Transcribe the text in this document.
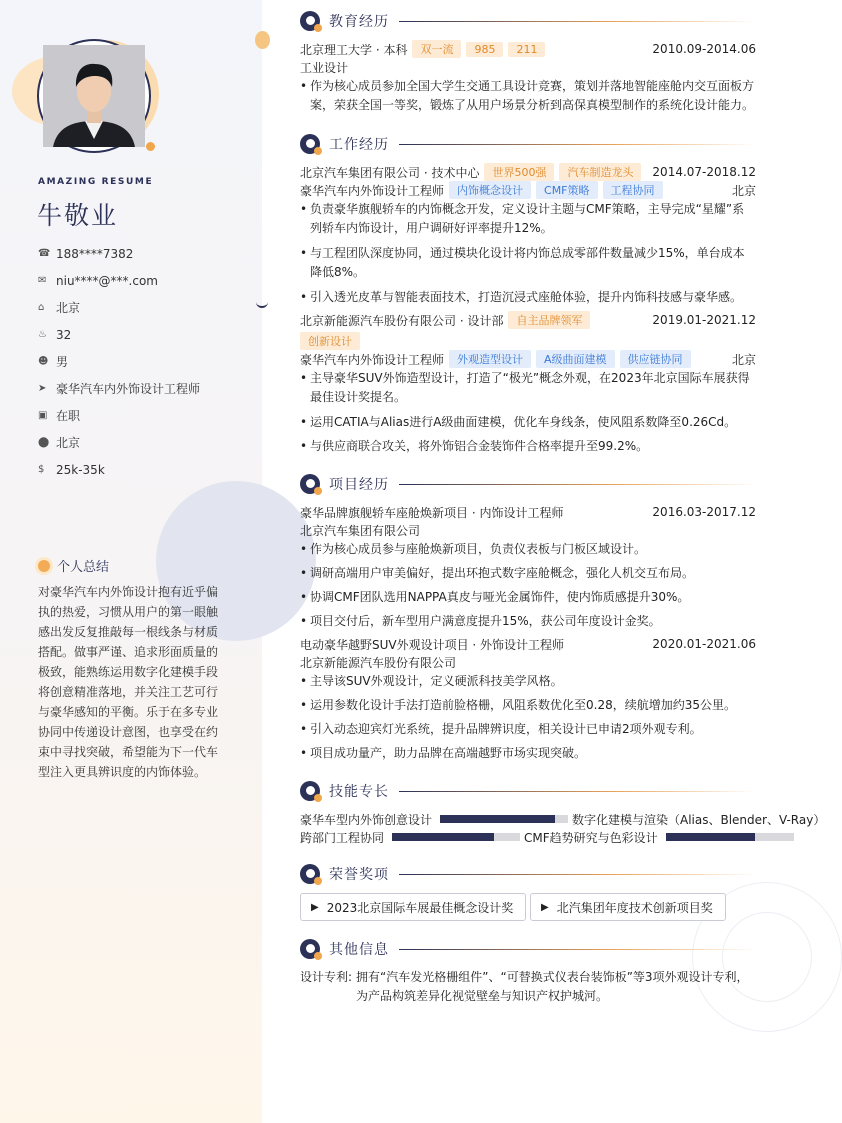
AMAZING RESUME
牛敬业
☎ 188****7382
✉ niu****@***.com
⌂ 北京
♨ 32
☻ 男
➤ 豪华汽车内外饰设计工程师
▣ 在职
⬤ 北京
$ 25k-35k
个人总结
对豪华汽车内外饰设计抱有近乎偏执的热爱，习惯从用户的第一眼触感出发反复推敲每一根线条与材质搭配。做事严谨、追求形面质量的极致，能熟练运用数字化建模手段将创意精准落地，并关注工艺可行与豪华感知的平衡。乐于在多专业协同中传递设计意图，也享受在约束中寻找突破，希望能为下一代车型注入更具辨识度的内饰体验。
教育经历
北京理工大学 · 本科	双一流	985	211	2010.09-2014.06
工业设计
• 作为核心成员参加全国大学生交通工具设计竞赛，策划并落地智能座舱内交互面板方案，荣获全国一等奖，锻炼了从用户场景分析到高保真模型制作的系统化设计能力。
工作经历
北京汽车集团有限公司 · 技术中心	世界500强	汽车制造龙头	2014.07-2018.12
豪华汽车内外饰设计工程师	内饰概念设计	CMF策略	工程协同	北京
• 负责豪华旗舰轿车的内饰概念开发，定义设计主题与CMF策略，主导完成“星耀”系列轿车内饰设计，用户调研好评率提升12%。
• 与工程团队深度协同，通过模块化设计将内饰总成零部件数量减少15%，单台成本降低8%。
• 引入透光皮革与智能表面技术，打造沉浸式座舱体验，提升内饰科技感与豪华感。
北京新能源汽车股份有限公司 · 设计部	自主品牌领军	2019.01-2021.12
创新设计
豪华汽车内外饰设计工程师	外观造型设计	A级曲面建模	供应链协同	北京
• 主导豪华SUV外饰造型设计，打造了“极光”概念外观，在2023年北京国际车展获得最佳设计奖提名。
• 运用CATIA与Alias进行A级曲面建模，优化车身线条，使风阻系数降至0.26Cd。
• 与供应商联合攻关，将外饰铝合金装饰件合格率提升至99.2%。
项目经历
豪华品牌旗舰轿车座舱焕新项目 · 内饰设计工程师	2016.03-2017.12
北京汽车集团有限公司
• 作为核心成员参与座舱焕新项目，负责仪表板与门板区域设计。
• 调研高端用户审美偏好，提出环抱式数字座舱概念，强化人机交互布局。
• 协调CMF团队选用NAPPA真皮与哑光金属饰件，使内饰质感提升30%。
• 项目交付后，新车型用户满意度提升15%，获公司年度设计金奖。
电动豪华越野SUV外观设计项目 · 外饰设计工程师	2020.01-2021.06
北京新能源汽车股份有限公司
• 主导该SUV外观设计，定义硬派科技美学风格。
• 运用参数化设计手法打造前脸格栅，风阻系数优化至0.28，续航增加约35公里。
• 引入动态迎宾灯光系统，提升品牌辨识度，相关设计已申请2项外观专利。
• 项目成功量产，助力品牌在高端越野市场实现突破。
技能专长
豪华车型内外饰创意设计	数字化建模与渲染（Alias、Blender、V-Ray）
跨部门工程协同	CMF趋势研究与色彩设计
荣誉奖项
▶ 2023北京国际车展最佳概念设计奖	▶ 北汽集团年度技术创新项目奖
其他信息
设计专利: 拥有“汽车发光格栅组件”、“可替换式仪表台装饰板”等3项外观设计专利，为产品构筑差异化视觉壁垒与知识产权护城河。
